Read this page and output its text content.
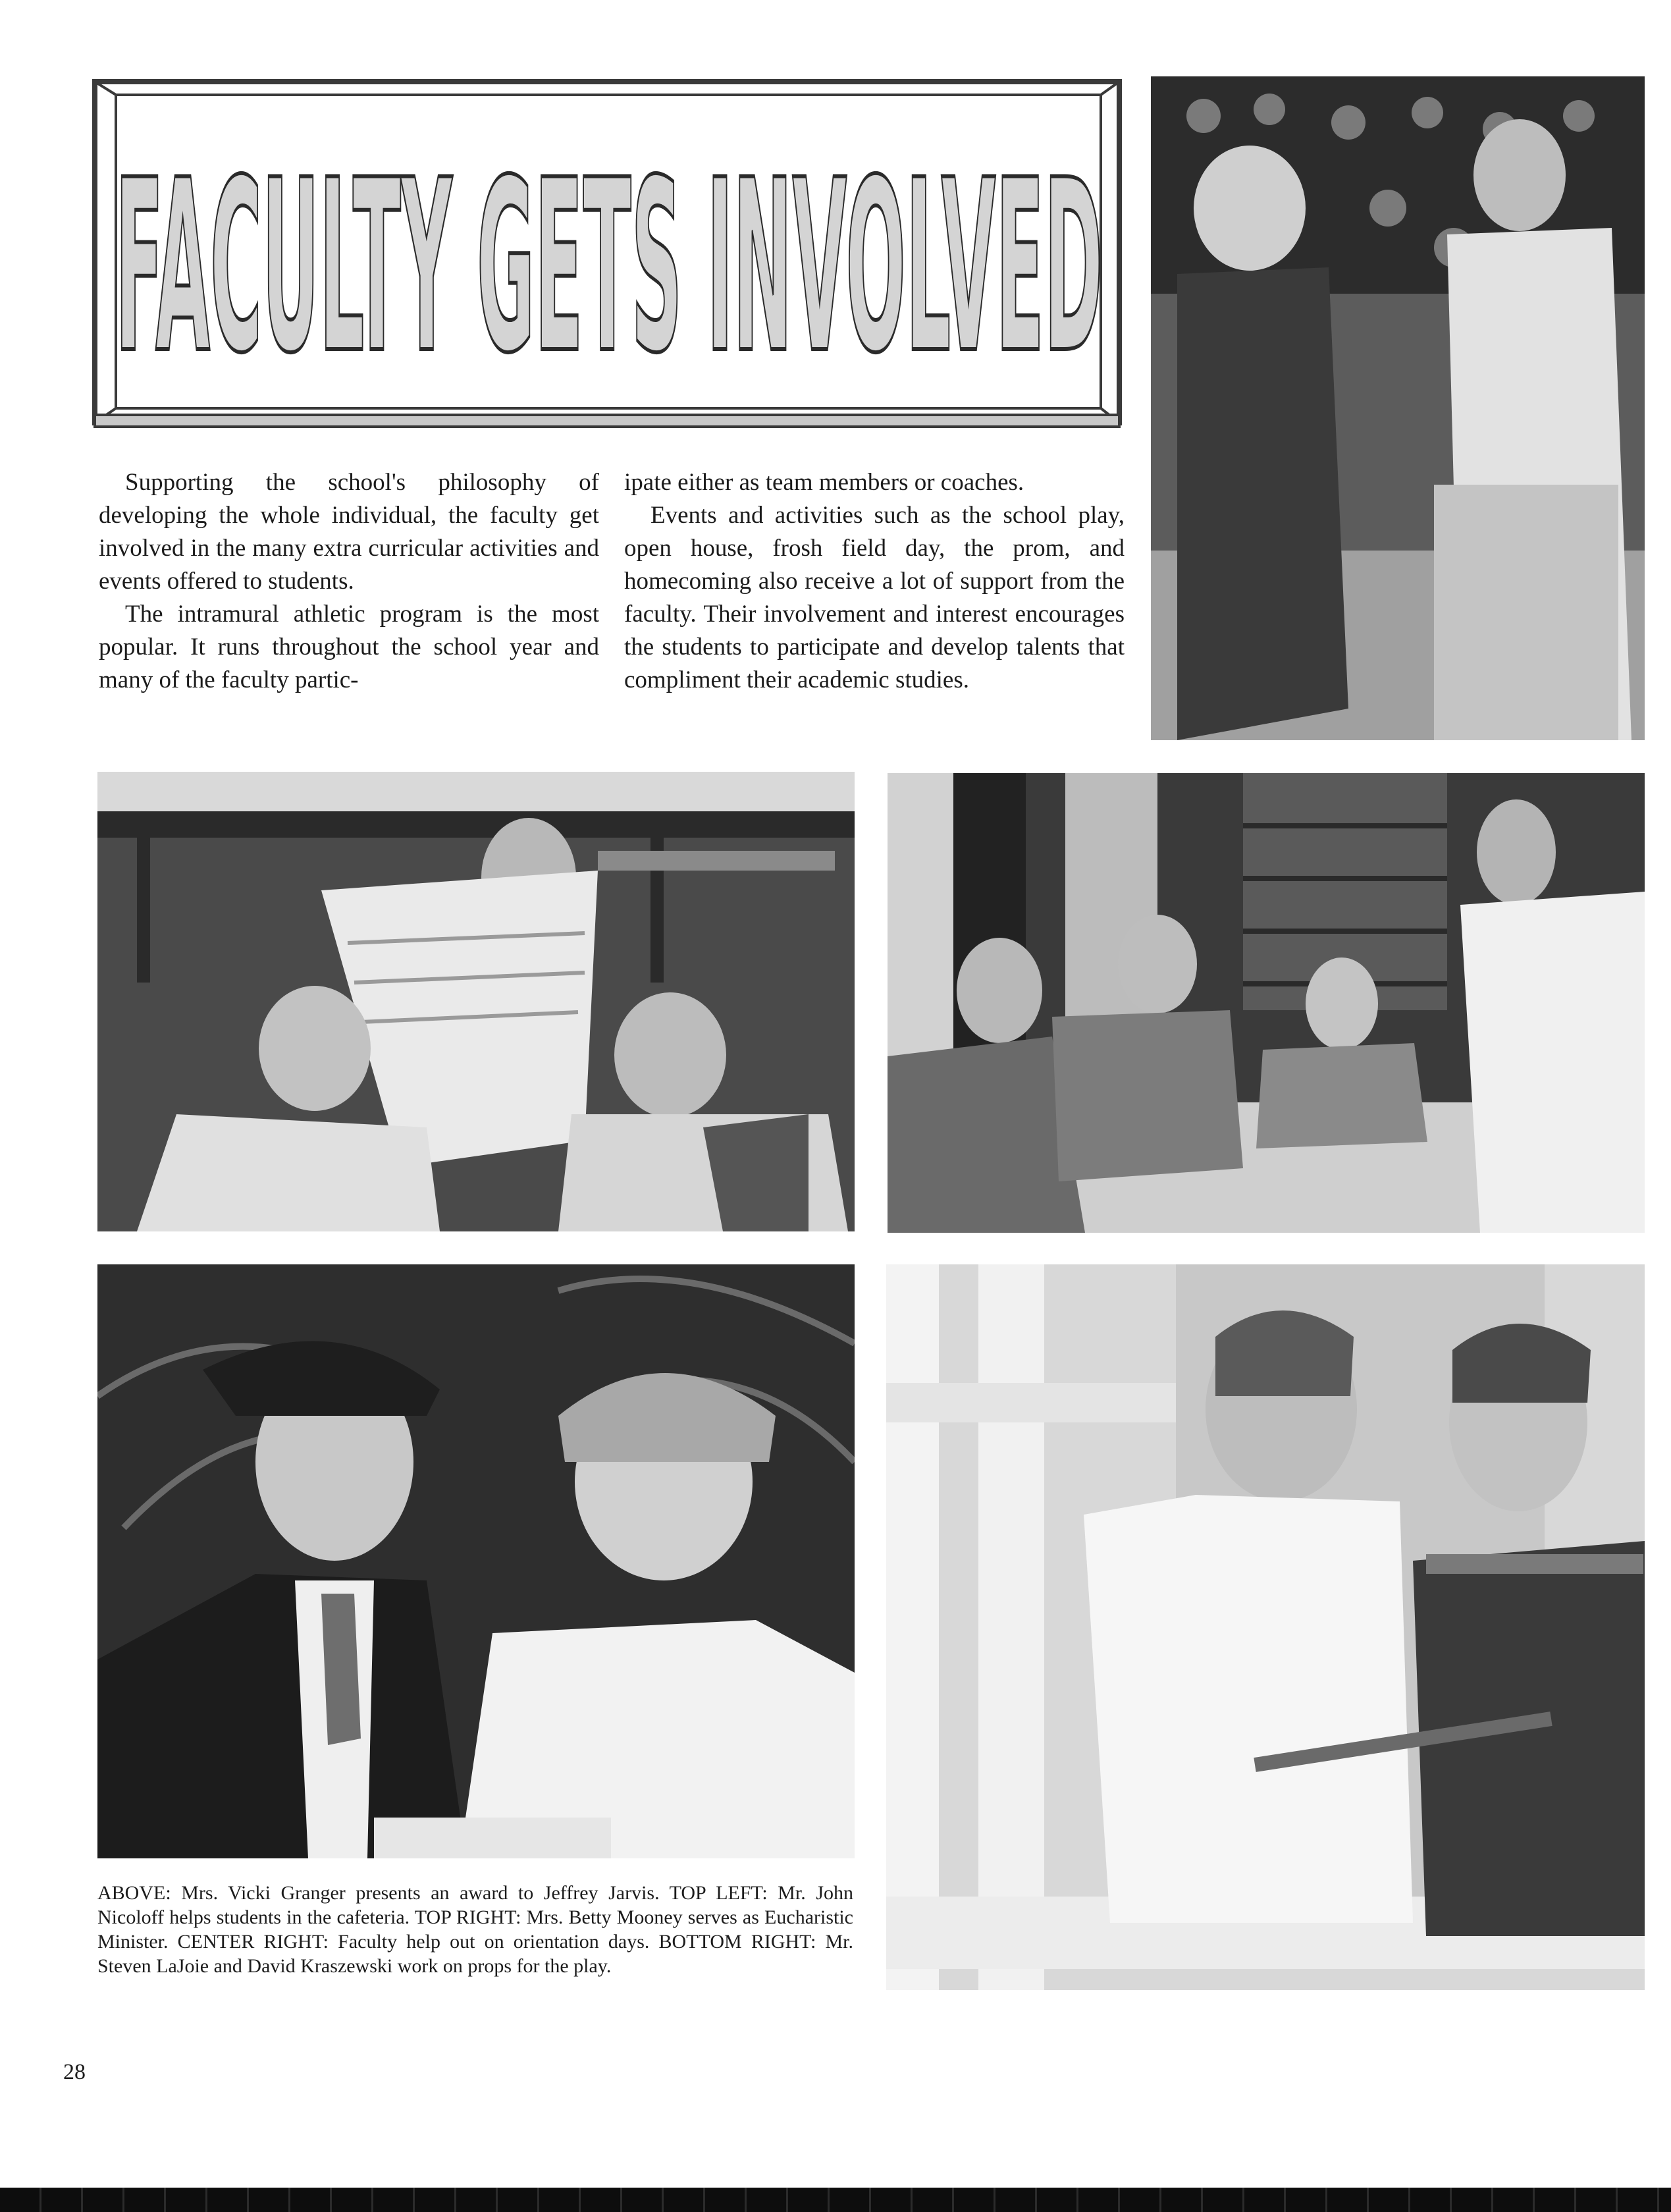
FACULTY GETS INVOLVED

Supporting the school's philosophy of developing the whole individual, the faculty get involved in the many extra curricular activities and events offered to students.

The intramural athletic program is the most popular. It runs throughout the school year and many of the faculty partic-

ipate either as team members or coaches.

Events and activities such as the school play, open house, frosh field day, the prom, and homecoming also receive a lot of support from the faculty. Their involvement and interest encourages the students to participate and develop talents that compliment their academic studies.

ABOVE: Mrs. Vicki Granger presents an award to Jeffrey Jarvis. TOP LEFT: Mr. John Nicoloff helps students in the cafeteria. TOP RIGHT: Mrs. Betty Mooney serves as Eucharistic Minister. CENTER RIGHT: Faculty help out on orientation days. BOTTOM RIGHT: Mr. Steven LaJoie and David Kraszewski work on props for the play.
28
